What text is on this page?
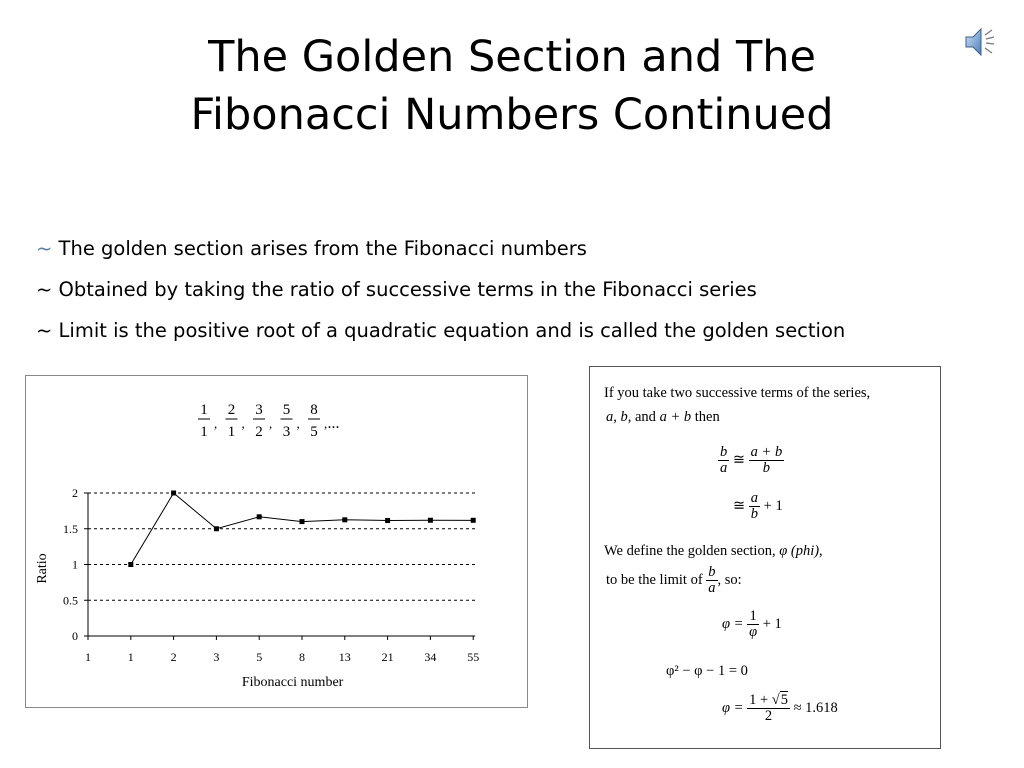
The Golden Section and The
Fibonacci Numbers Continued
~ The golden section arises from the Fibonacci numbers
~ Obtained by taking the ratio of successive terms in the Fibonacci series
~ Limit is the positive root of a quadratic equation and is called the golden section
1
1
,
2
1
,
3
2
,
5
3
,
8
5
, ...
0
0.5
1
1.5
2
1	1	2	3	5	8	13	21	34	55
Fibonacci number
Ratio
If you take two successive terms of the series,
a, b, and a + b then
$\frac{b}{a}$ ≅ $\frac{a + b}{b}$
≅ $\frac{a}{b} + 1$
We define the golden section, φ (phi),
to be the limit of $\frac{b}{a}$ , so:
$\varphi = \frac{1}{\varphi} + 1$
φ² − φ − 1 = 0
$\varphi = \frac{1 + √5}{2} \approx 1.618$
